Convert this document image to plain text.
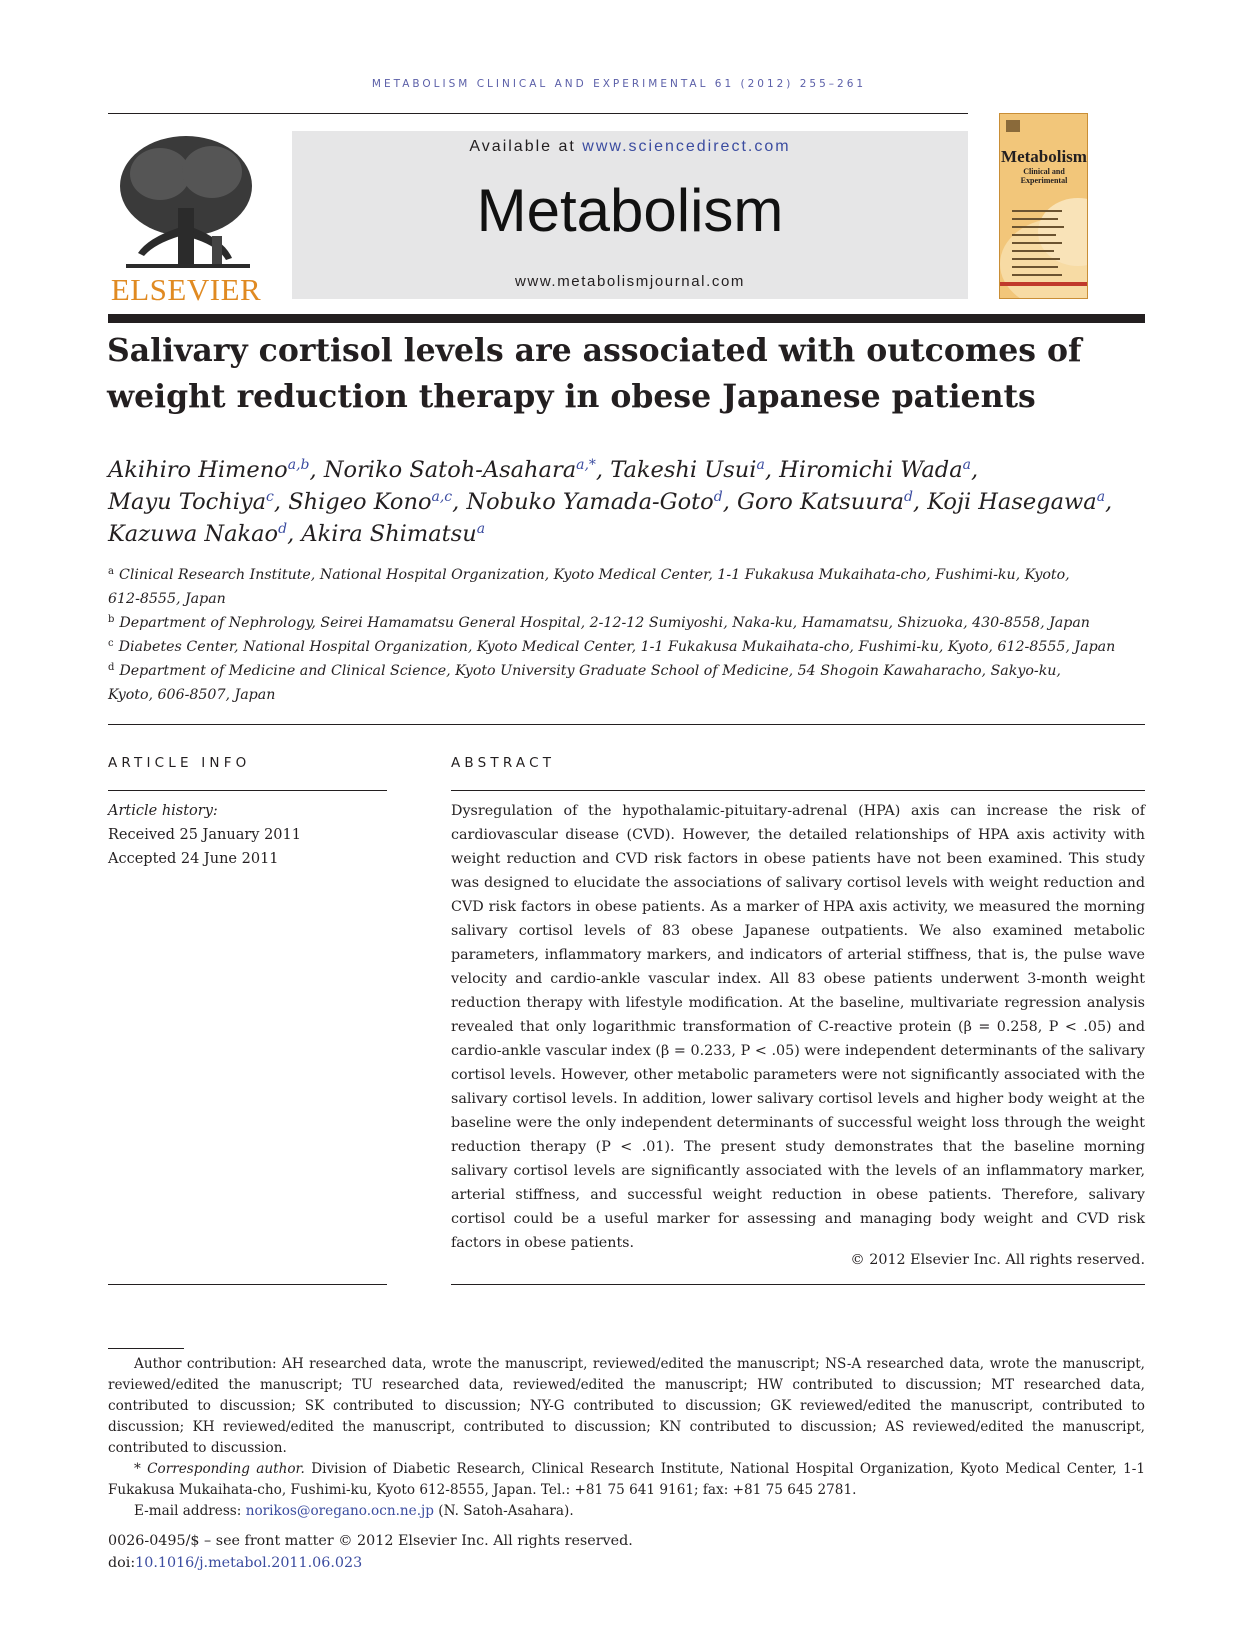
METABOLISM CLINICAL AND EXPERIMENTAL 61 (2012) 255–261
ELSEVIER
Available at www.sciencedirect.com
Metabolism
www.metabolismjournal.com
Metabolism
Clinical and Experimental
Salivary cortisol levels are associated with outcomes of weight reduction therapy in obese Japanese patients
Akihiro Himeno$^{a,b}$, Noriko Satoh-Asahara$^{a,*}$, Takeshi Usui$^a$, Hiromichi Wada$^a$,
Mayu Tochiya$^c$, Shigeo Kono$^{a,c}$, Nobuko Yamada-Goto$^d$, Goro Katsuura$^d$, Koji Hasegawa$^a$,
Kazuwa Nakao$^d$, Akira Shimatsu$^a$
$^a$ Clinical Research Institute, National Hospital Organization, Kyoto Medical Center, 1-1 Fukakusa Mukaihata-cho, Fushimi-ku, Kyoto,
612-8555, Japan
$^b$ Department of Nephrology, Seirei Hamamatsu General Hospital, 2-12-12 Sumiyoshi, Naka-ku, Hamamatsu, Shizuoka, 430-8558, Japan
$^c$ Diabetes Center, National Hospital Organization, Kyoto Medical Center, 1-1 Fukakusa Mukaihata-cho, Fushimi-ku, Kyoto, 612-8555, Japan
$^d$ Department of Medicine and Clinical Science, Kyoto University Graduate School of Medicine, 54 Shogoin Kawaharacho, Sakyo-ku,
Kyoto, 606-8507, Japan
ARTICLE INFO	ABSTRACT
Article history:
Received 25 January 2011
Accepted 24 June 2011
Dysregulation of the hypothalamic-pituitary-adrenal (HPA) axis can increase the risk of cardiovascular disease (CVD). However, the detailed relationships of HPA axis activity with weight reduction and CVD risk factors in obese patients have not been examined. This study was designed to elucidate the associations of salivary cortisol levels with weight reduction and CVD risk factors in obese patients. As a marker of HPA axis activity, we measured the morning salivary cortisol levels of 83 obese Japanese outpatients. We also examined metabolic parameters, inflammatory markers, and indicators of arterial stiffness, that is, the pulse wave velocity and cardio-ankle vascular index. All 83 obese patients underwent 3-month weight reduction therapy with lifestyle modification. At the baseline, multivariate regression analysis revealed that only logarithmic transformation of C-reactive protein (β = 0.258, P < .05) and cardio-ankle vascular index (β = 0.233, P < .05) were independent determinants of the salivary cortisol levels. However, other metabolic parameters were not significantly associated with the salivary cortisol levels. In addition, lower salivary cortisol levels and higher body weight at the baseline were the only independent determinants of successful weight loss through the weight reduction therapy (P < .01). The present study demonstrates that the baseline morning salivary cortisol levels are significantly associated with the levels of an inflammatory marker, arterial stiffness, and successful weight reduction in obese patients. Therefore, salivary cortisol could be a useful marker for assessing and managing body weight and CVD risk factors in obese patients.
© 2012 Elsevier Inc. All rights reserved.

Author contribution: AH researched data, wrote the manuscript, reviewed/edited the manuscript; NS-A researched data, wrote the manuscript, reviewed/edited the manuscript; TU researched data, reviewed/edited the manuscript; HW contributed to discussion; MT researched data, contributed to discussion; SK contributed to discussion; NY-G contributed to discussion; GK reviewed/edited the manuscript, contributed to discussion; KH reviewed/edited the manuscript, contributed to discussion; KN contributed to discussion; AS reviewed/edited the manuscript, contributed to discussion.

* Corresponding author. Division of Diabetic Research, Clinical Research Institute, National Hospital Organization, Kyoto Medical Center, 1-1 Fukakusa Mukaihata-cho, Fushimi-ku, Kyoto 612-8555, Japan. Tel.: +81 75 641 9161; fax: +81 75 645 2781.

E-mail address: norikos@oregano.ocn.ne.jp (N. Satoh-Asahara).

0026-0495/$ – see front matter © 2012 Elsevier Inc. All rights reserved.
doi:10.1016/j.metabol.2011.06.023
